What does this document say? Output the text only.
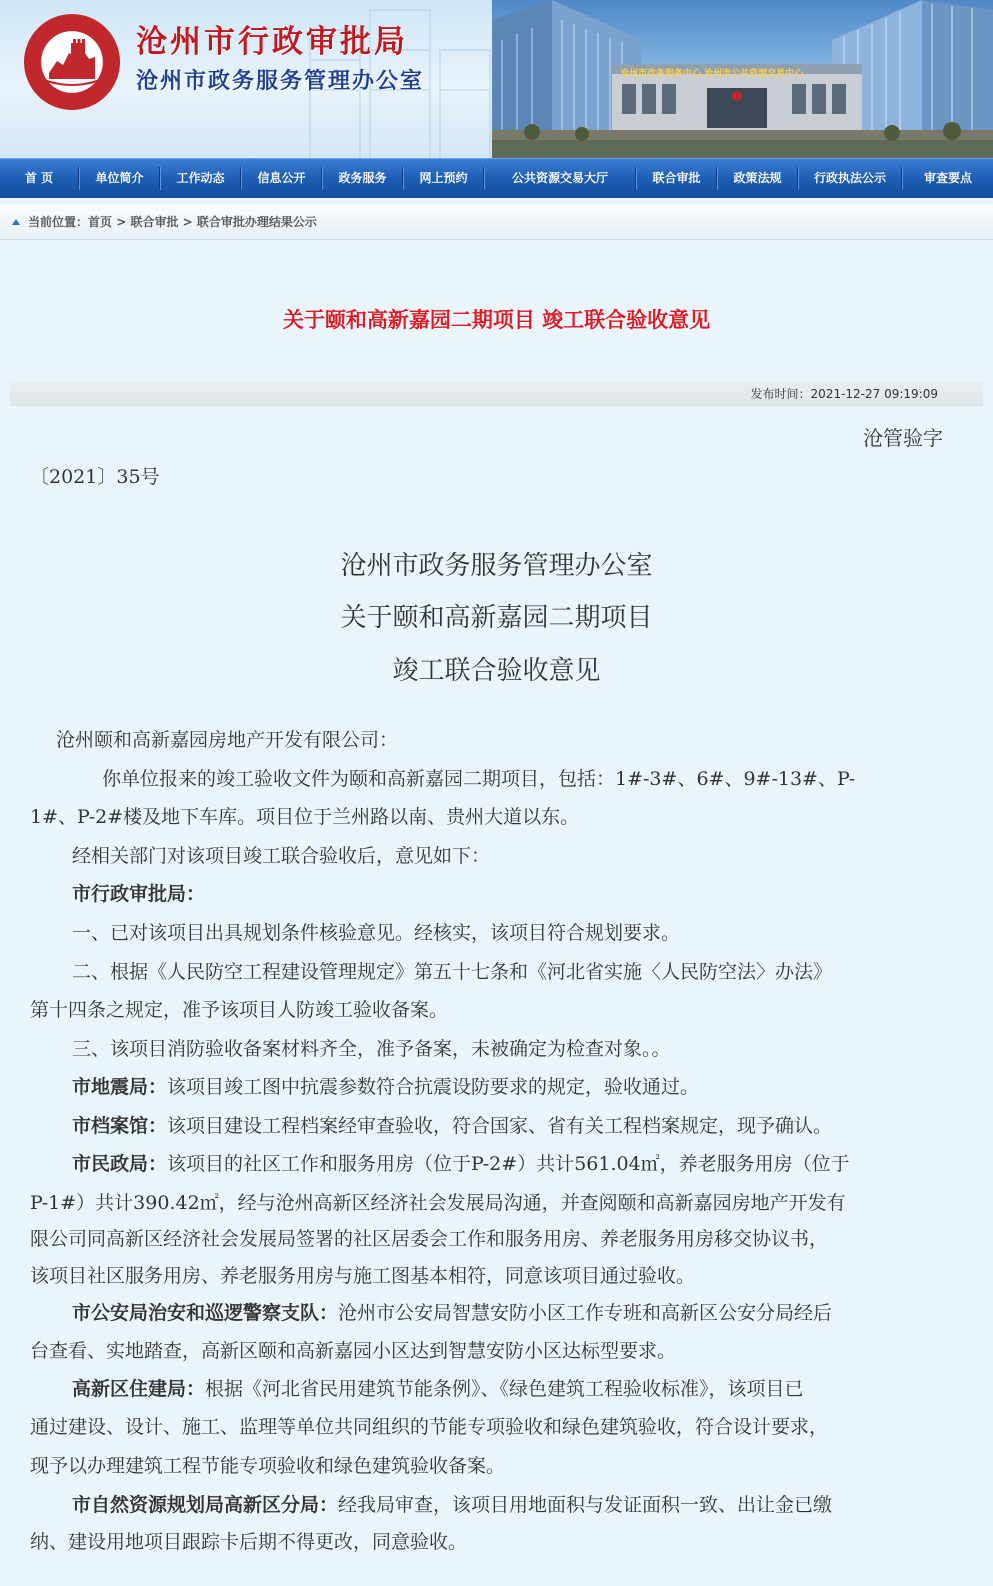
沧州市行政审批局
沧州市政务服务管理办公室	沧州市政务服务中心 沧州市公共资源交易中心
首 页	单位简介	工作动态	信息公开	政务服务	网上预约	公共资源交易大厅	联合审批	政策法规	行政执法公示	审查要点
当前位置：首页 > 联合审批 > 联合审批办理结果公示
关于颐和高新嘉园二期项目 竣工联合验收意见
发布时间：2021-12-27 09:19:09
沧管验字
〔2021〕35号
沧州市政务服务管理办公室
关于颐和高新嘉园二期项目
竣工联合验收意见
沧州颐和高新嘉园房地产开发有限公司：
你单位报来的竣工验收文件为颐和高新嘉园二期项目，包括：1#-3#、6#、9#-13#、P-
1#、P-2#楼及地下车库。项目位于兰州路以南、贵州大道以东。
经相关部门对该项目竣工联合验收后，意见如下：
市行政审批局：
一、已对该项目出具规划条件核验意见。经核实，该项目符合规划要求。
二、根据《人民防空工程建设管理规定》第五十七条和《河北省实施〈人民防空法〉办法》
第十四条之规定，准予该项目人防竣工验收备案。
三、该项目消防验收备案材料齐全，准予备案，未被确定为检查对象。。
市地震局：该项目竣工图中抗震参数符合抗震设防要求的规定，验收通过。
市档案馆：该项目建设工程档案经审查验收，符合国家、省有关工程档案规定，现予确认。
市民政局：该项目的社区工作和服务用房（位于P-2#）共计561.04㎡，养老服务用房（位于
P-1#）共计390.42㎡，经与沧州高新区经济社会发展局沟通，并查阅颐和高新嘉园房地产开发有
限公司同高新区经济社会发展局签署的社区居委会工作和服务用房、养老服务用房移交协议书，
该项目社区服务用房、养老服务用房与施工图基本相符，同意该项目通过验收。
市公安局治安和巡逻警察支队：沧州市公安局智慧安防小区工作专班和高新区公安分局经后
台查看、实地踏查，高新区颐和高新嘉园小区达到智慧安防小区达标型要求。
高新区住建局：根据《河北省民用建筑节能条例》、《绿色建筑工程验收标准》，该项目已
通过建设、设计、施工、监理等单位共同组织的节能专项验收和绿色建筑验收，符合设计要求，
现予以办理建筑工程节能专项验收和绿色建筑验收备案。
市自然资源规划局高新区分局：经我局审查，该项目用地面积与发证面积一致、出让金已缴
纳、建设用地项目跟踪卡后期不得更改，同意验收。
